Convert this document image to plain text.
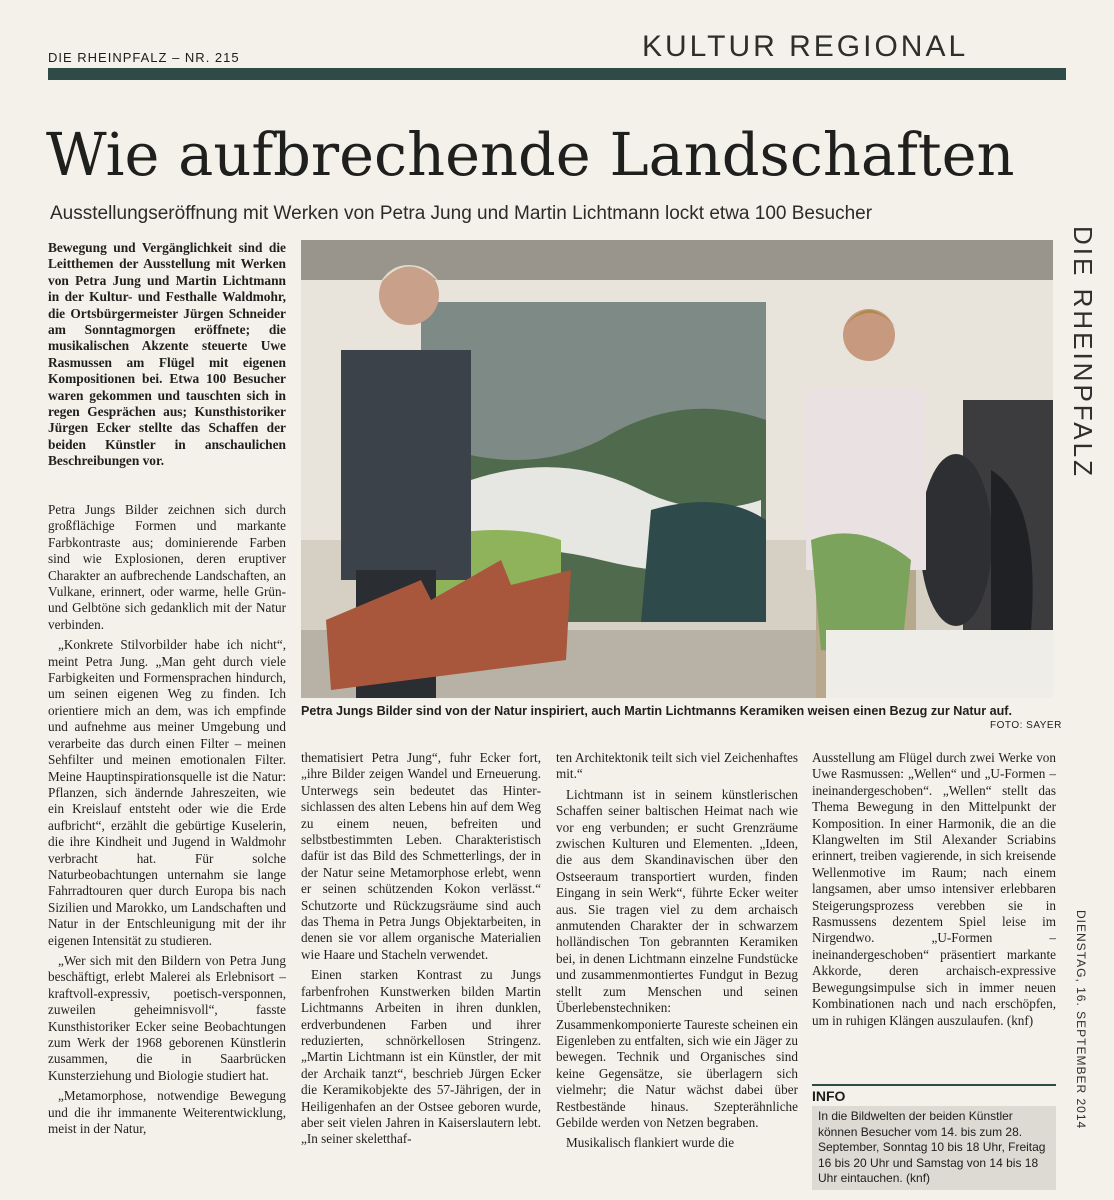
DIE RHEINPFALZ – NR. 215	KULTUR REGIONAL
Wie aufbrechende Landschaften
Ausstellungseröffnung mit Werken von Petra Jung und Martin Lichtmann lockt etwa 100 Besucher
DIE RHEINPFALZ
DIENSTAG, 16. SEPTEMBER 2014

Bewegung und Vergänglichkeit sind die Leitthemen der Ausstellung mit Werken von Petra Jung und Martin Lichtmann in der Kultur- und Festhalle Waldmohr, die Ortsbürgermeister Jürgen Schneider am Sonntagmorgen eröffnete; die musikalischen Akzente steuerte Uwe Rasmussen am Flügel mit eigenen Kompositionen bei. Etwa 100 Besucher waren gekommen und tauschten sich in regen Gesprächen aus; Kunsthistoriker Jürgen Ecker stellte das Schaffen der beiden Künstler in anschaulichen Beschreibungen vor.

Petra Jungs Bilder zeichnen sich durch großflächige Formen und markante Farbkontraste aus; dominierende Farben sind wie Explosionen, deren eruptiver Charakter an aufbrechende Landschaften, an Vulkane, erinnert, oder warme, helle Grün- und Gelbtöne sich gedanklich mit der Natur verbinden.

„Konkrete Stilvorbilder habe ich nicht“, meint Petra Jung. „Man geht durch viele Farbigkeiten und Formensprachen hindurch, um seinen eigenen Weg zu finden. Ich orientiere mich an dem, was ich empfinde und aufnehme aus meiner Umgebung und verarbeite das durch einen Filter – meinen Sehfilter und meinen emotionalen Filter. Meine Hauptinspirationsquelle ist die Natur: Pflanzen, sich ändernde Jahreszeiten, wie ein Kreislauf entsteht oder wie die Erde aufbricht“, erzählt die gebürtige Kuselerin, die ihre Kindheit und Jugend in Waldmohr verbracht hat. Für solche Naturbeobachtungen unternahm sie lange Fahrradtouren quer durch Europa bis nach Sizilien und Marokko, um Landschaften und Natur in der Entschleunigung mit der ihr eigenen Intensität zu studieren.

„Wer sich mit den Bildern von Petra Jung beschäftigt, erlebt Malerei als Erlebnisort – kraftvoll-expressiv, poetisch-versponnen, zuweilen geheimnisvoll“, fasste Kunsthistoriker Ecker seine Beobachtungen zum Werk der 1968 geborenen Künstlerin zusammen, die in Saarbrücken Kunsterziehung und Biologie studiert hat.

„Metamorphose, notwendige Bewegung und die ihr immanente Weiterentwicklung, meist in der Natur,

Petra Jungs Bilder sind von der Natur inspiriert, auch Martin Lichtmanns Keramiken weisen einen Bezug zur Natur auf.
FOTO: SAYER

thematisiert Petra Jung“, fuhr Ecker fort, „ihre Bilder zeigen Wandel und Erneuerung. Unterwegs sein bedeutet das Hintersichlassen des alten Lebens hin auf dem Weg zu einem neuen, befreiten und selbstbestimmten Leben. Charakteristisch dafür ist das Bild des Schmetterlings, der in der Natur seine Metamorphose erlebt, wenn er seinen schützenden Kokon verlässt.“ Schutzorte und Rückzugsräume sind auch das Thema in Petra Jungs Objektarbeiten, in denen sie vor allem organische Materialien wie Haare und Stacheln verwendet.

Einen starken Kontrast zu Jungs farbenfrohen Kunstwerken bilden Martin Lichtmanns Arbeiten in ihren dunklen, erdverbundenen Farben und ihrer reduzierten, schnörkellosen Stringenz. „Martin Lichtmann ist ein Künstler, der mit der Archaik tanzt“, beschrieb Jürgen Ecker die Keramikobjekte des 57-Jährigen, der in Heiligenhafen an der Ostsee geboren wurde, aber seit vielen Jahren in Kaiserslautern lebt. „In seiner skeletthaf-

ten Architektonik teilt sich viel Zeichenhaftes mit.“

Lichtmann ist in seinem künstlerischen Schaffen seiner baltischen Heimat nach wie vor eng verbunden; er sucht Grenzräume zwischen Kulturen und Elementen. „Ideen, die aus dem Skandinavischen über den Ostseeraum transportiert wurden, finden Eingang in sein Werk“, führte Ecker weiter aus. Sie tragen viel zu dem archaisch anmutenden Charakter der in schwarzem holländischen Ton gebrannten Keramiken bei, in denen Lichtmann einzelne Fundstücke und zusammenmontiertes Fundgut in Bezug stellt zum Menschen und seinen Überlebenstechniken: Zusammenkomponierte Taureste scheinen ein Eigenleben zu entfalten, sich wie ein Jäger zu bewegen. Technik und Organisches sind keine Gegensätze, sie überlagern sich vielmehr; die Natur wächst dabei über Restbestände hinaus. Szepterähnliche Gebilde werden von Netzen begraben.

Musikalisch flankiert wurde die

Ausstellung am Flügel durch zwei Werke von Uwe Rasmussen: „Wellen“ und „U-Formen – ineinandergeschoben“. „Wellen“ stellt das Thema Bewegung in den Mittelpunkt der Komposition. In einer Harmonik, die an die Klangwelten im Stil Alexander Scriabins erinnert, treiben vagierende, in sich kreisende Wellenmotive im Raum; nach einem langsamen, aber umso intensiver erlebbaren Steigerungsprozess verebben sie in Rasmussens dezentem Spiel leise im Nirgendwo. „U-Formen – ineinandergeschoben“ präsentiert markante Akkorde, deren archaisch-expressive Bewegungsimpulse sich in immer neuen Kombinationen nach und nach erschöpfen, um in ruhigen Klängen auszulaufen. (knf)

INFO
In die Bildwelten der beiden Künstler können Besucher vom 14. bis zum 28. September, Sonntag 10 bis 18 Uhr, Freitag 16 bis 20 Uhr und Samstag von 14 bis 18 Uhr eintauchen. (knf)
